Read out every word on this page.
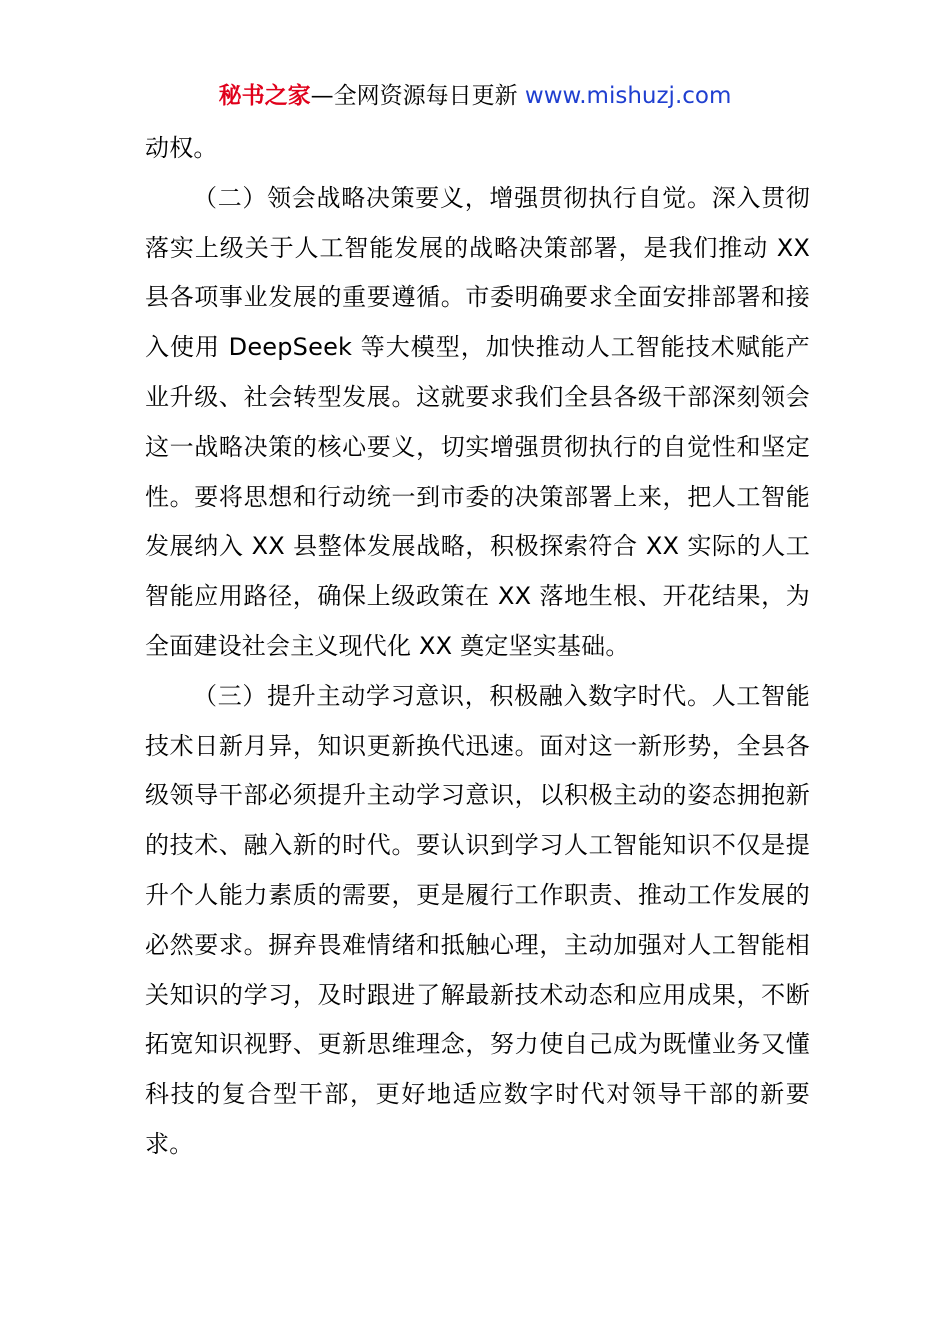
秘书之家—全网资源每日更新 www.mishuzj.com

动权。

（二）领会战略决策要义，增强贯彻执行自觉。深入贯彻落实上级关于人工智能发展的战略决策部署，是我们推动 XX 县各项事业发展的重要遵循。市委明确要求全面安排部署和接入使用 DeepSeek 等大模型，加快推动人工智能技术赋能产业升级、社会转型发展。这就要求我们全县各级干部深刻领会这一战略决策的核心要义，切实增强贯彻执行的自觉性和坚定性。要将思想和行动统一到市委的决策部署上来，把人工智能发展纳入 XX 县整体发展战略，积极探索符合 XX 实际的人工智能应用路径，确保上级政策在 XX 落地生根、开花结果，为全面建设社会主义现代化 XX 奠定坚实基础。

（三）提升主动学习意识，积极融入数字时代。人工智能技术日新月异，知识更新换代迅速。面对这一新形势，全县各级领导干部必须提升主动学习意识，以积极主动的姿态拥抱新的技术、融入新的时代。要认识到学习人工智能知识不仅是提升个人能力素质的需要，更是履行工作职责、推动工作发展的必然要求。摒弃畏难情绪和抵触心理，主动加强对人工智能相关知识的学习，及时跟进了解最新技术动态和应用成果，不断拓宽知识视野、更新思维理念，努力使自己成为既懂业务又懂科技的复合型干部，更好地适应数字时代对领导干部的新要求。
